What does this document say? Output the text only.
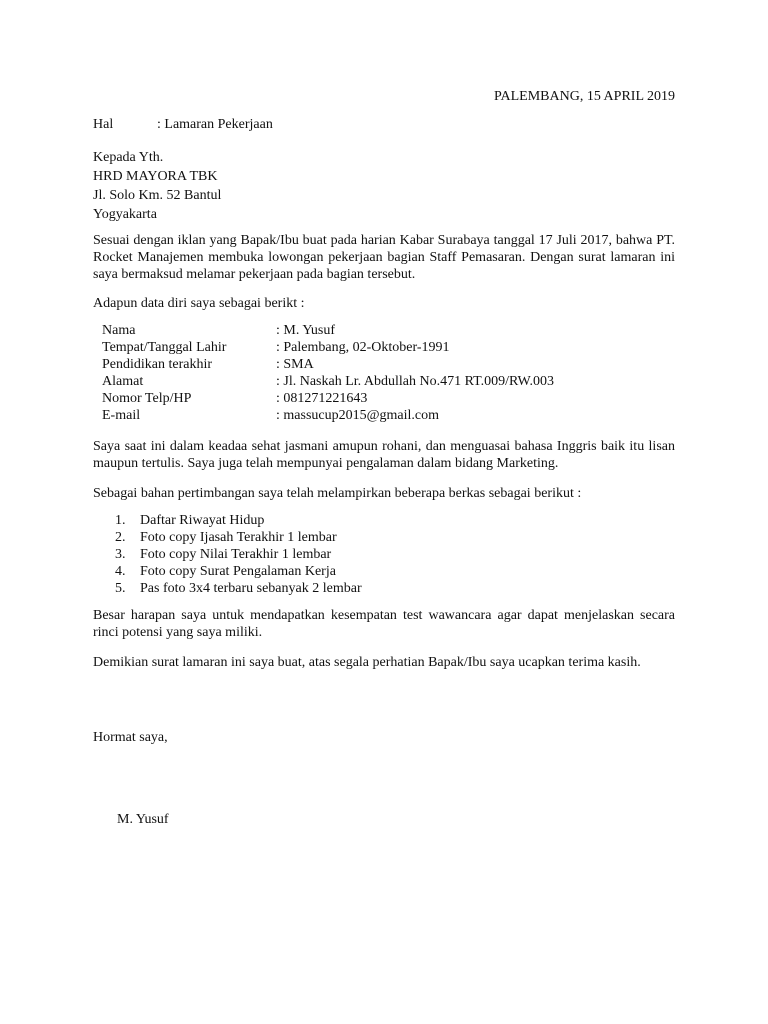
PALEMBANG, 15 APRIL 2019
Hal	: Lamaran Pekerjaan
Kepada Yth.
HRD MAYORA TBK
Jl. Solo Km. 52 Bantul
Yogyakarta
Sesuai dengan iklan yang Bapak/Ibu buat pada harian Kabar Surabaya tanggal 17 Juli 2017, bahwa PT. Rocket Manajemen membuka lowongan pekerjaan bagian Staff Pemasaran. Dengan surat lamaran ini saya bermaksud melamar pekerjaan pada bagian tersebut.
Adapun data diri saya sebagai berikt :
Nama	: M. Yusuf
Tempat/Tanggal Lahir	: Palembang, 02-Oktober-1991
Pendidikan terakhir	: SMA
Alamat	: Jl. Naskah Lr. Abdullah No.471 RT.009/RW.003
Nomor Telp/HP	: 081271221643
E-mail	: massucup2015@gmail.com
Saya saat ini dalam keadaa sehat jasmani amupun rohani, dan menguasai bahasa Inggris baik itu lisan maupun tertulis. Saya juga telah mempunyai pengalaman dalam bidang Marketing.
Sebagai bahan pertimbangan saya telah melampirkan beberapa berkas sebagai berikut :
1. Daftar Riwayat Hidup
2. Foto copy Ijasah Terakhir 1 lembar
3. Foto copy Nilai Terakhir 1 lembar
4. Foto copy Surat Pengalaman Kerja
5. Pas foto 3x4 terbaru sebanyak 2 lembar
Besar harapan saya untuk mendapatkan kesempatan test wawancara agar dapat menjelaskan secara rinci potensi yang saya miliki.
Demikian surat lamaran ini saya buat, atas segala perhatian Bapak/Ibu saya ucapkan terima kasih.
Hormat saya,
M. Yusuf
